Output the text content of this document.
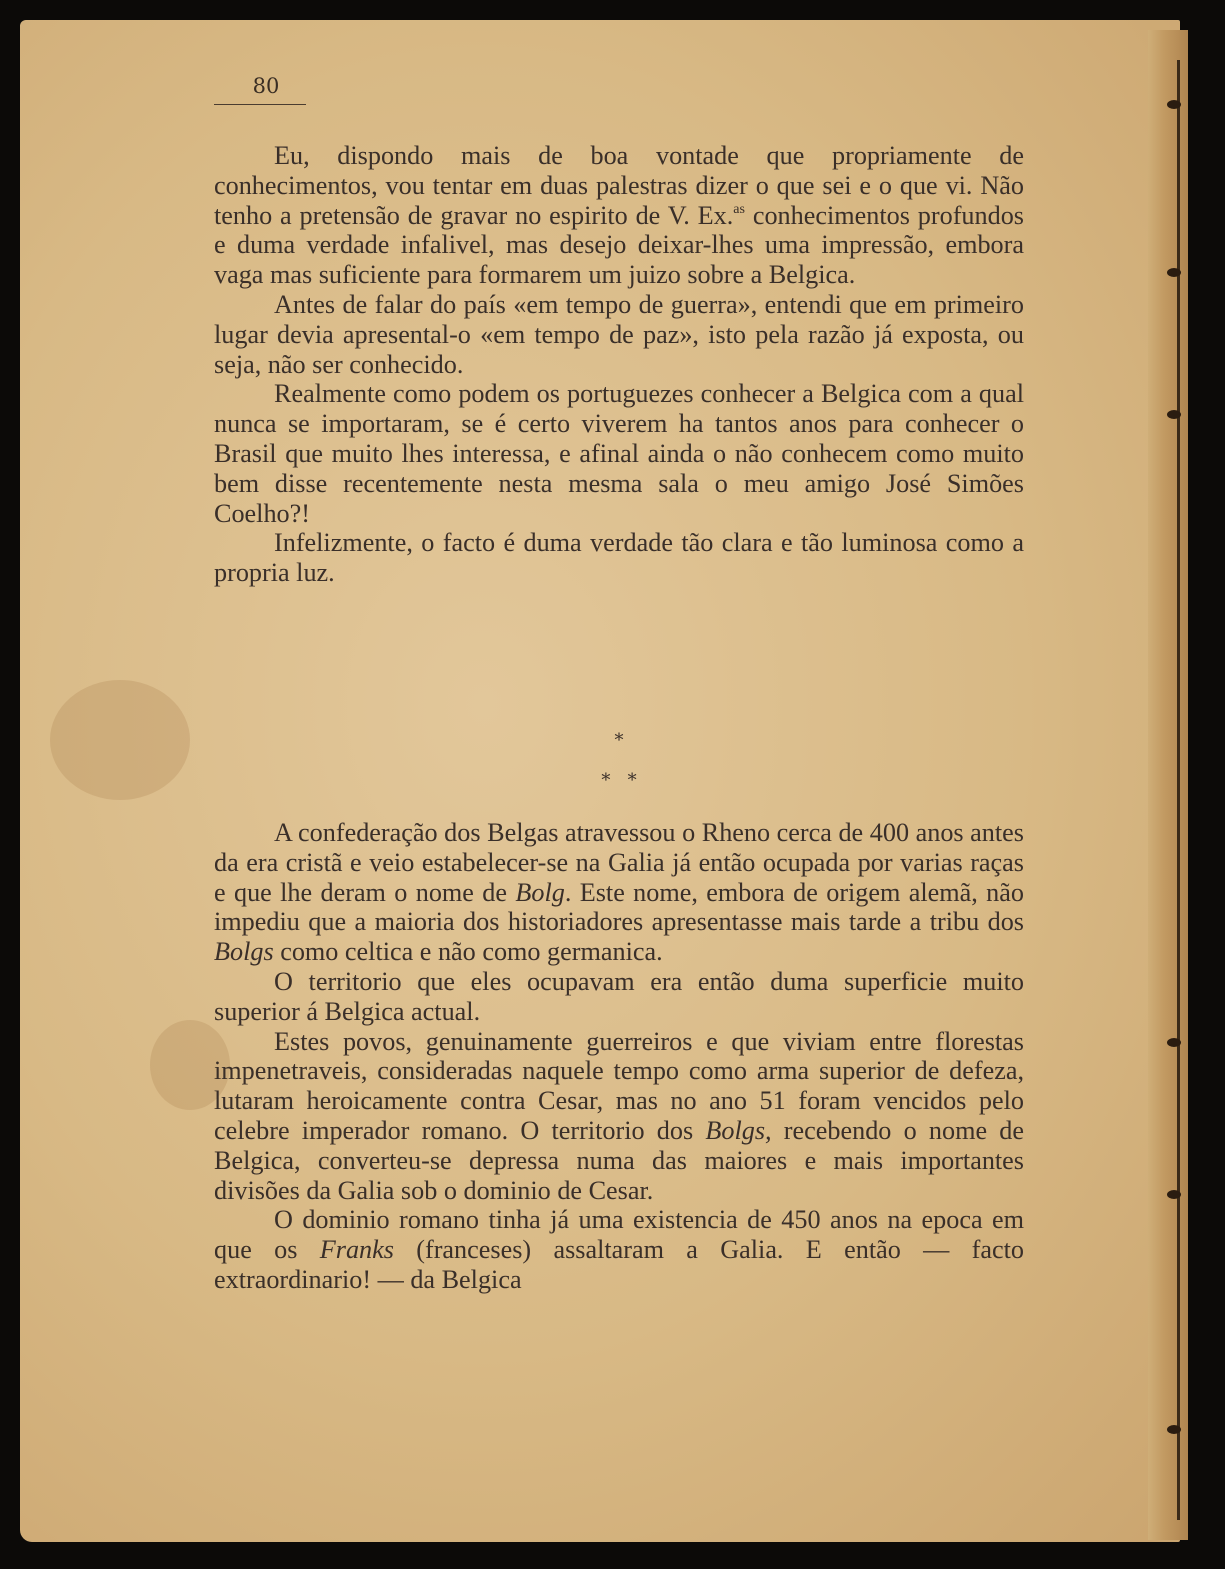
80

Eu, dispondo mais de boa vontade que propriamente de conhecimentos, vou tentar em duas palestras dizer o que sei e o que vi. Não tenho a pretensão de gravar no espirito de V. Ex.$^{as}$ conhecimentos profundos e duma verdade infalivel, mas desejo deixar-lhes uma impressão, embora vaga mas suficiente para formarem um juizo sobre a Belgica.

Antes de falar do país «em tempo de guerra», entendi que em primeiro lugar devia apresental-o «em tempo de paz», isto pela razão já exposta, ou seja, não ser conhecido.

Realmente como podem os portuguezes conhecer a Belgica com a qual nunca se importaram, se é certo viverem ha tantos anos para conhecer o Brasil que muito lhes interessa, e afinal ainda o não conhecem como muito bem disse recentemente nesta mesma sala o meu amigo José Simões Coelho?!

Infelizmente, o facto é duma verdade tão clara e tão luminosa como a propria luz.

*
*   *

A confederação dos Belgas atravessou o Rheno cerca de 400 anos antes da era cristã e veio estabelecer-se na Galia já então ocupada por varias raças e que lhe deram o nome de Bolg. Este nome, embora de origem alemã, não impediu que a maioria dos historiadores apresentasse mais tarde a tribu dos Bolgs como celtica e não como germanica.

O territorio que eles ocupavam era então duma superficie muito superior á Belgica actual.

Estes povos, genuinamente guerreiros e que viviam entre florestas impenetraveis, consideradas naquele tempo como arma superior de defeza, lutaram heroicamente contra Cesar, mas no ano 51 foram vencidos pelo celebre imperador romano. O territorio dos Bolgs, recebendo o nome de Belgica, converteu-se depressa numa das maiores e mais importantes divisões da Galia sob o dominio de Cesar.

O dominio romano tinha já uma existencia de 450 anos na epoca em que os Franks (franceses) assaltaram a Galia. E então — facto extraordinario! — da Belgica
